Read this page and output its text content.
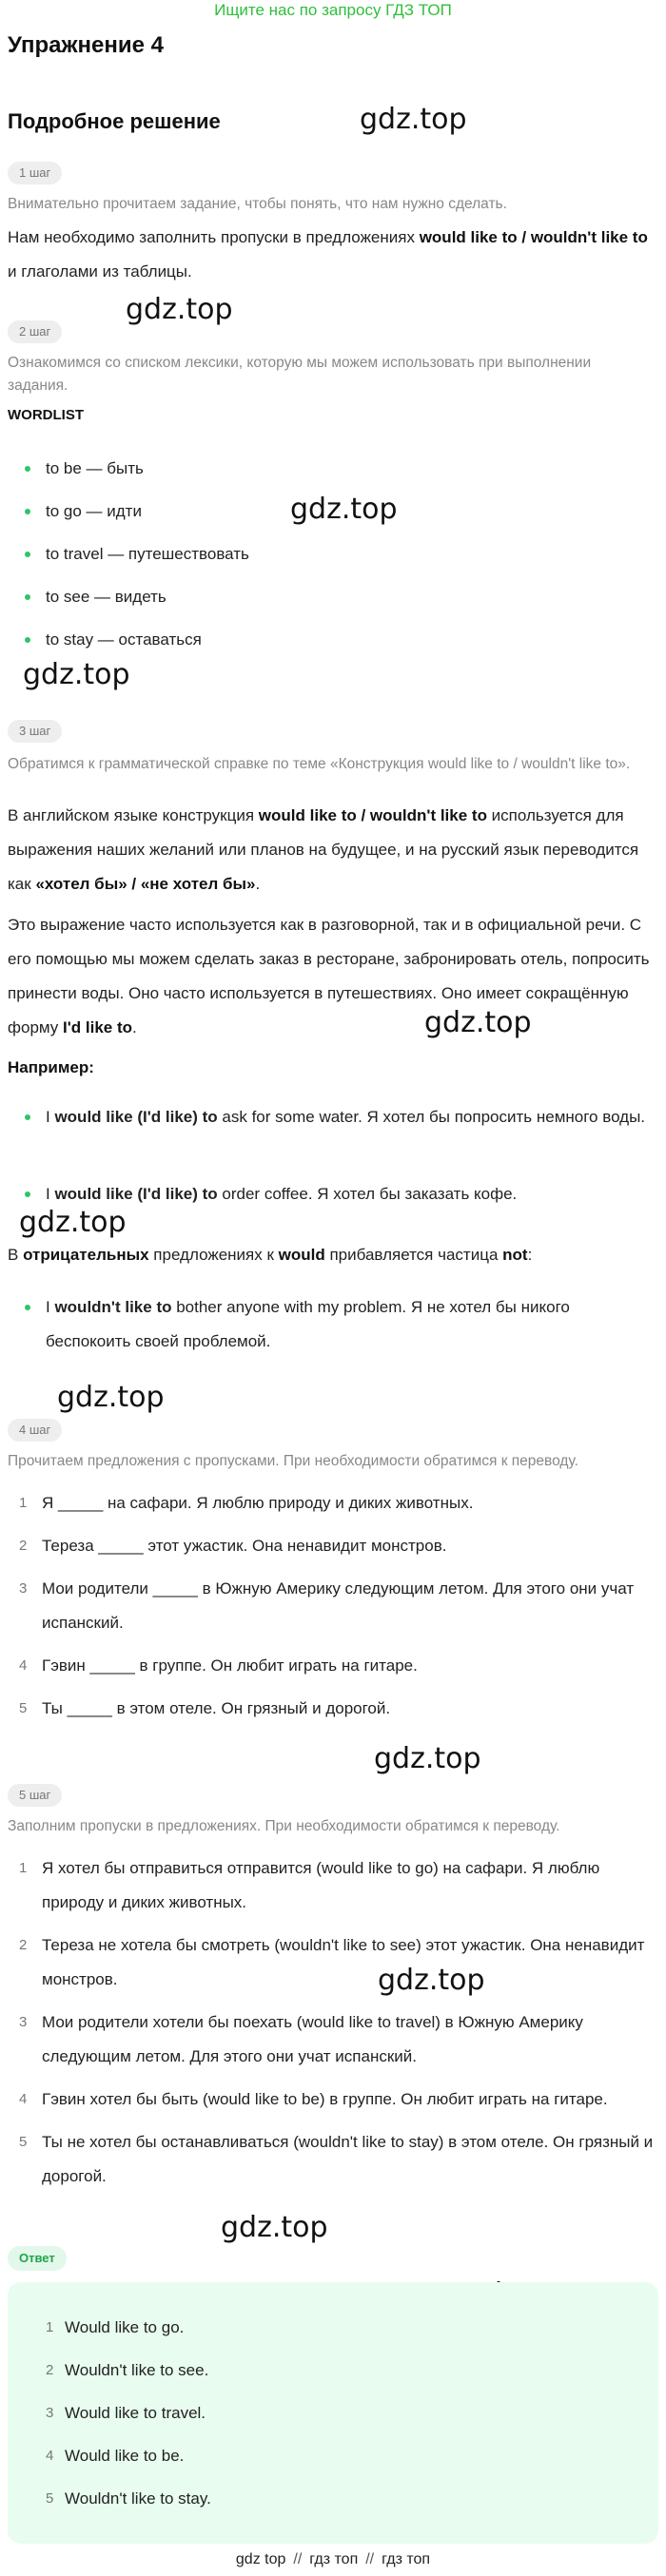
Ищите нас по запросу ГДЗ ТОП
Упражнение 4
Подробное решение	gdz.top
gdz.top
gdz.top
gdz.top
gdz.top
gdz.top
gdz.top
gdz.top
gdz.top
gdz.top
1 шаг
Внимательно прочитаем задание, чтобы понять, что нам нужно сделать.
Нам необходимо заполнить пропуски в предложениях would like to / wouldn't like to и глаголами из таблицы.
2 шаг
Ознакомимся со списком лексики, которую мы можем использовать при выполнении задания.
WORDLIST
to be — быть
to go — идти
to travel — путешествовать
to see — видеть
to stay — оставаться
3 шаг
Обратимся к грамматической справке по теме «Конструкция would like to / wouldn't like to».
В английском языке конструкция would like to / wouldn't like to используется для выражения наших желаний или планов на будущее, и на русский язык переводится как «хотел бы» / «не хотел бы».
Это выражение часто используется как в разговорной, так и в официальной речи. С его помощью мы можем сделать заказ в ресторане, забронировать отель, попросить принести воды. Оно часто используется в путешествиях. Оно имеет сокращённую форму I'd like to.
Например:
I would like (I'd like) to ask for some water. Я хотел бы попросить немного воды.
I would like (I'd like) to order coffee. Я хотел бы заказать кофе.
В отрицательных предложениях к would прибавляется частица not:
I wouldn't like to bother anyone with my problem. Я не хотел бы никого беспокоить своей проблемой.
4 шаг
Прочитаем предложения с пропусками. При необходимости обратимся к переводу.
1 Я _____ на сафари. Я люблю природу и диких животных.
2 Тереза _____ этот ужастик. Она ненавидит монстров.
3 Мои родители _____ в Южную Америку следующим летом. Для этого они учат испанский.
4 Гэвин _____ в группе. Он любит играть на гитаре.
5 Ты _____ в этом отеле. Он грязный и дорогой.
5 шаг
Заполним пропуски в предложениях. При необходимости обратимся к переводу.
1 Я хотел бы отправиться отправится (would like to go) на сафари. Я люблю природу и диких животных.
2 Тереза не хотела бы смотреть (wouldn't like to see) этот ужастик. Она ненавидит монстров.
3 Мои родители хотели бы поехать (would like to travel) в Южную Америку следующим летом. Для этого они учат испанский.
4 Гэвин хотел бы быть (would like to be) в группе. Он любит играть на гитаре.
5 Ты не хотел бы останавливаться (wouldn't like to stay) в этом отеле. Он грязный и дорогой.
Ответ
1 Would like to go.
2 Wouldn't like to see.
3 Would like to travel.
4 Would like to be.
5 Wouldn't like to stay.
gdz top // гдз топ // гдз топ
